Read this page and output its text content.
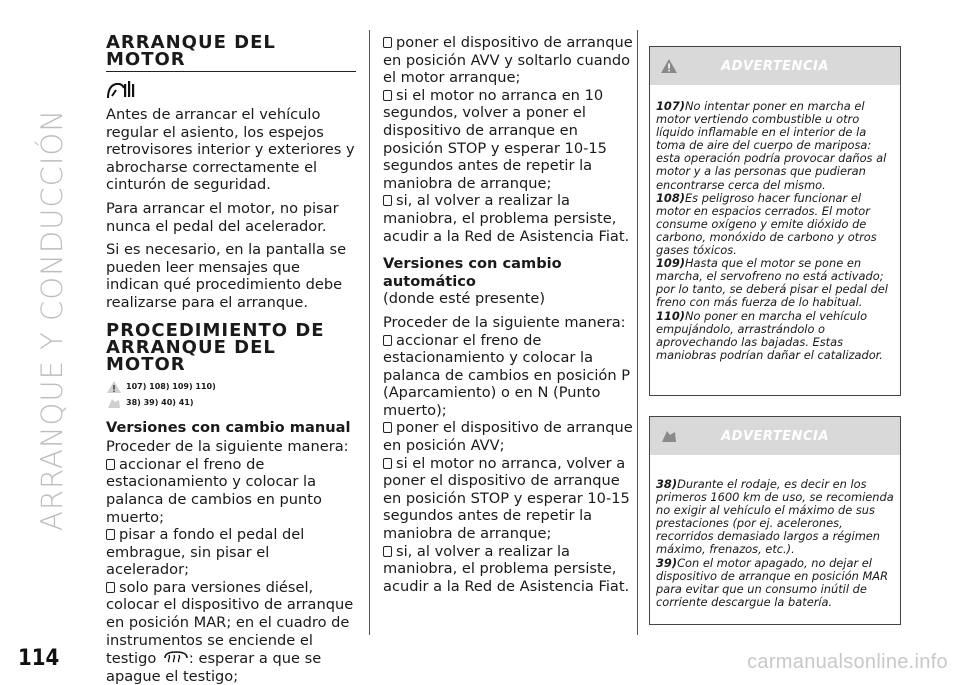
ARRANQUE Y CONDUCCIÓN
114	carmanualsonline.info
ARRANQUE DEL
MOTOR

Antes de arrancar el vehículo regular el asiento, los espejos retrovisores interior y exteriores y abrocharse correctamente el cinturón de seguridad.

Para arrancar el motor, no pisar nunca el pedal del acelerador.

Si es necesario, en la pantalla se pueden leer mensajes que indican qué procedimiento debe realizarse para el arranque.

PROCEDIMIENTO DE
ARRANQUE DEL MOTOR
107) 108) 109) 110)
38) 39) 40) 41)
Versiones con cambio manual

Proceder de la siguiente manera:

accionar el freno de estacionamiento y colocar la palanca de cambios en punto muerto;
pisar a fondo el pedal del embrague, sin pisar el acelerador;
solo para versiones diésel, colocar el dispositivo de arranque en posición MAR; en el cuadro de instrumentos se enciende el testigo : esperar a que se apague el testigo;
poner el dispositivo de arranque en posición AVV y soltarlo cuando el motor arranque;
si el motor no arranca en 10 segundos, volver a poner el dispositivo de arranque en posición STOP y esperar 10-15 segundos antes de repetir la maniobra de arranque;
si, al volver a realizar la maniobra, el problema persiste, acudir a la Red de Asistencia Fiat.
Versiones con cambio automático

(donde esté presente)

Proceder de la siguiente manera:

accionar el freno de estacionamiento y colocar la palanca de cambios en posición P (Aparcamiento) o en N (Punto muerto);
poner el dispositivo de arranque en posición AVV;
si el motor no arranca, volver a poner el dispositivo de arranque en posición STOP y esperar 10-15 segundos antes de repetir la maniobra de arranque;
si, al volver a realizar la maniobra, el problema persiste, acudir a la Red de Asistencia Fiat.
ADVERTENCIA
107)No intentar poner en marcha el motor vertiendo combustible u otro líquido inflamable en el interior de la toma de aire del cuerpo de mariposa: esta operación podría provocar daños al motor y a las personas que pudieran encontrarse cerca del mismo.
108)Es peligroso hacer funcionar el motor en espacios cerrados. El motor consume oxígeno y emite dióxido de carbono, monóxido de carbono y otros gases tóxicos.
109)Hasta que el motor se pone en marcha, el servofreno no está activado; por lo tanto, se deberá pisar el pedal del freno con más fuerza de lo habitual.
110)No poner en marcha el vehículo empujándolo, arrastrándolo o aprovechando las bajadas. Estas maniobras podrían dañar el catalizador.
ADVERTENCIA
38)Durante el rodaje, es decir en los primeros 1600 km de uso, se recomienda no exigir al vehículo el máximo de sus prestaciones (por ej. acelerones, recorridos demasiado largos a régimen máximo, frenazos, etc.).
39)Con el motor apagado, no dejar el dispositivo de arranque en posición MAR para evitar que un consumo inútil de corriente descargue la batería.
